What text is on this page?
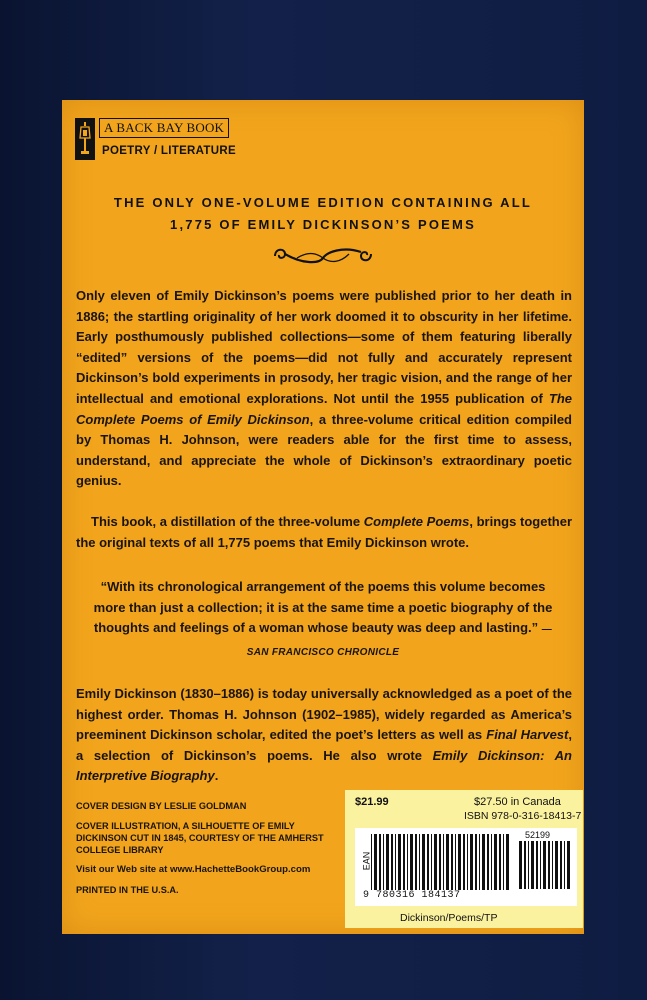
A BACK BAY BOOK
POETRY / LITERATURE
THE ONLY ONE-VOLUME EDITION CONTAINING ALL
1,775 OF EMILY DICKINSON’S POEMS

Only eleven of Emily Dickinson’s poems were published prior to her death in 1886; the startling originality of her work doomed it to obscurity in her lifetime. Early posthumously published collections—some of them featuring liberally “edited” versions of the poems—did not fully and accurately represent Dickinson’s bold experiments in prosody, her tragic vision, and the range of her intellectual and emotional explorations. Not until the 1955 publication of The Complete Poems of Emily Dickinson, a three-volume critical edition compiled by Thomas H. Johnson, were readers able for the first time to assess, understand, and appreciate the whole of Dickinson’s extraordinary poetic genius.

This book, a distillation of the three-volume Complete Poems, brings together the original texts of all 1,775 poems that Emily Dickinson wrote.

“With its chronological arrangement of the poems this volume becomes more than just a collection; it is at the same time a poetic biography of the thoughts and feelings of a woman whose beauty was deep and lasting.” —SAN FRANCISCO CHRONICLE

Emily Dickinson (1830–1886) is today universally acknowledged as a poet of the highest order. Thomas H. Johnson (1902–1985), widely regarded as America’s preeminent Dickinson scholar, edited the poet’s letters as well as Final Harvest, a selection of Dickinson’s poems. He also wrote Emily Dickinson: An Interpretive Biography.

COVER DESIGN BY LESLIE GOLDMAN
COVER ILLUSTRATION, A SILHOUETTE OF EMILY DICKINSON CUT IN 1845, COURTESY OF THE AMHERST COLLEGE LIBRARY
Visit our Web site at www.HachetteBookGroup.com
PRINTED IN THE U.S.A.
$21.99	$27.50 in Canada
ISBN 978-0-316-18413-7
EAN
9 780316 184137
52199
Dickinson/Poems/TP
